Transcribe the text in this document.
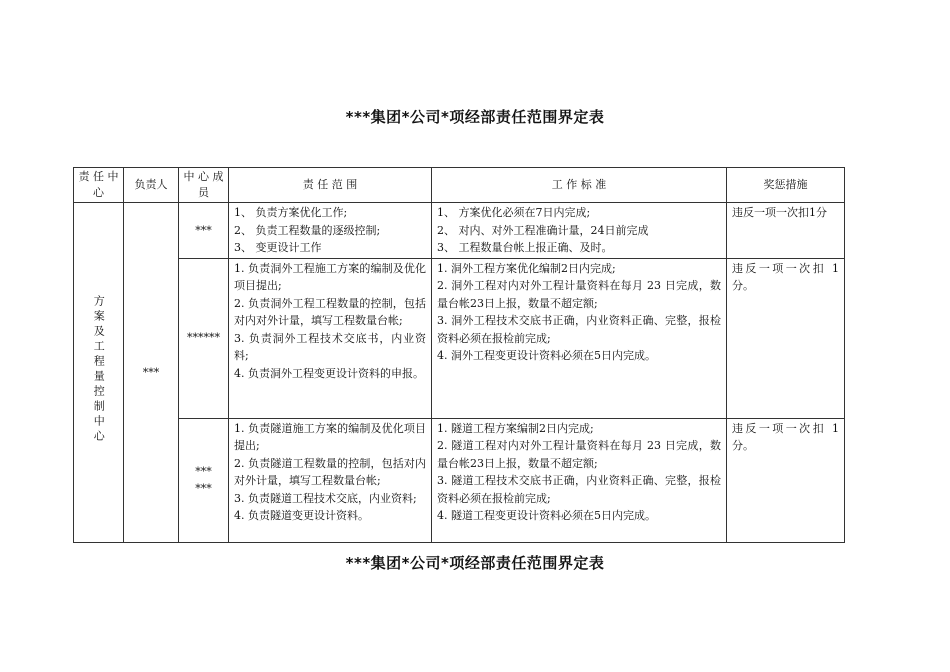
***集团*公司*项经部责任范围界定表
责 任 中 心	负责人	中 心 成 员	责 任 范 围	工 作 标 准	奖惩措施
方案及工程量控制中心	***	***	1、 负责方案优化工作;
2、 负责工程数量的逐级控制;
3、 变更设计工作	1、 方案优化必须在7日内完成;
2、 对内、对外工程准确计量，24日前完成
3、 工程数量台帐上报正确、及时。	违反一项一次扣1分

		******	1. 负责洞外工程施工方案的编制及优化项目提出;
2. 负责洞外工程工程数量的控制，包括对内对外计量，填写工程数量台帐;
3. 负责洞外工程技术交底书，内业资料;
4. 负责洞外工程变更设计资料的申报。	1. 洞外工程方案优化编制2日内完成;
2. 洞外工程对内对外工程计量资料在每月 23 日完成，数量台帐23日上报，数量不超定额;
3. 洞外工程技术交底书正确，内业资料正确、完整，报检资料必须在报检前完成;
4. 洞外工程变更设计资料必须在5日内完成。	违反一项一次扣 1 分。

		***
***	1. 负责隧道施工方案的编制及优化项目提出;
2. 负责隧道工程数量的控制，包括对内对外计量，填写工程数量台帐;
3. 负责隧道工程技术交底，内业资料;
4. 负责隧道变更设计资料。	1. 隧道工程方案编制2日内完成;
2. 隧道工程对内对外工程计量资料在每月 23 日完成，数量台帐23日上报，数量不超定额;
3. 隧道工程技术交底书正确，内业资料正确、完整，报检资料必须在报检前完成;
4. 隧道工程变更设计资料必须在5日内完成。	违反一项一次扣 1 分。
***集团*公司*项经部责任范围界定表
